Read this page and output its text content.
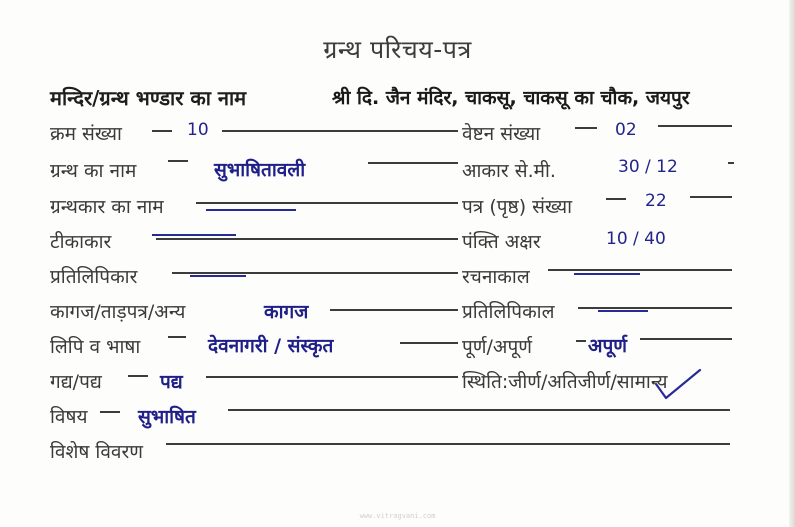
ग्रन्थ परिचय-पत्र
मन्दिर/ग्रन्थ भण्डार का नाम	श्री दि. जैन मंदिर, चाकसू, चाकसू का चौक, जयपुर
क्रम संख्या	10
ग्रन्थ का नाम	सुभाषितावली
ग्रन्थकार का नाम
टीकाकार
प्रतिलिपिकार
कागज/ताड़पत्र/अन्य	कागज
लिपि व भाषा	देवनागरी / संस्कृत
गद्य/पद्य	पद्य
विषय	सुभाषित
विशेष विवरण
वेष्टन संख्या	02
आकार से.मी.	30 / 12
पत्र (पृष्ठ) संख्या	22
पंक्ति अक्षर	10 / 40
रचनाकाल
प्रतिलिपिकाल
पूर्ण/अपूर्ण	अपूर्ण
स्थिति:जीर्ण/अतिजीर्ण/सामान्य
www.vitragvani.com
